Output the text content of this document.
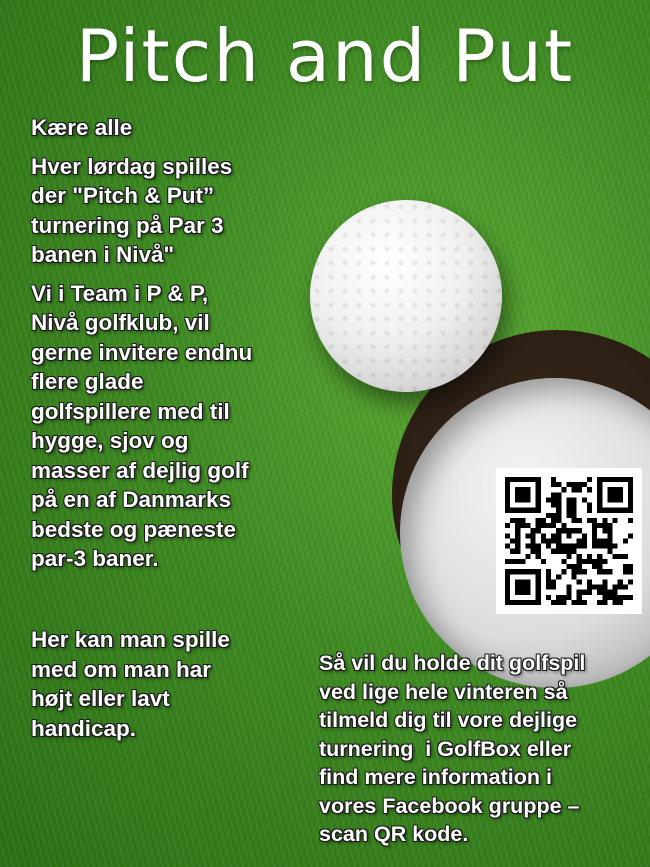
Pitch and Put

Kære alle

Hver lørdag spilles
der "Pitch & Put”
turnering på Par 3
banen i Nivå"

Vi i Team i P & P,
Nivå golfklub, vil
gerne invitere endnu
flere glade
golfspillere med til
hygge, sjov og
masser af dejlig golf
på en af Danmarks
bedste og pæneste
par-3 baner.

Her kan man spille
med om man har
højt eller lavt
handicap.

Så vil du holde dit golfspil
ved lige hele vinteren så
tilmeld dig til vore dejlige
turnering  i GolfBox eller
find mere information i
vores Facebook gruppe –
scan QR kode.
